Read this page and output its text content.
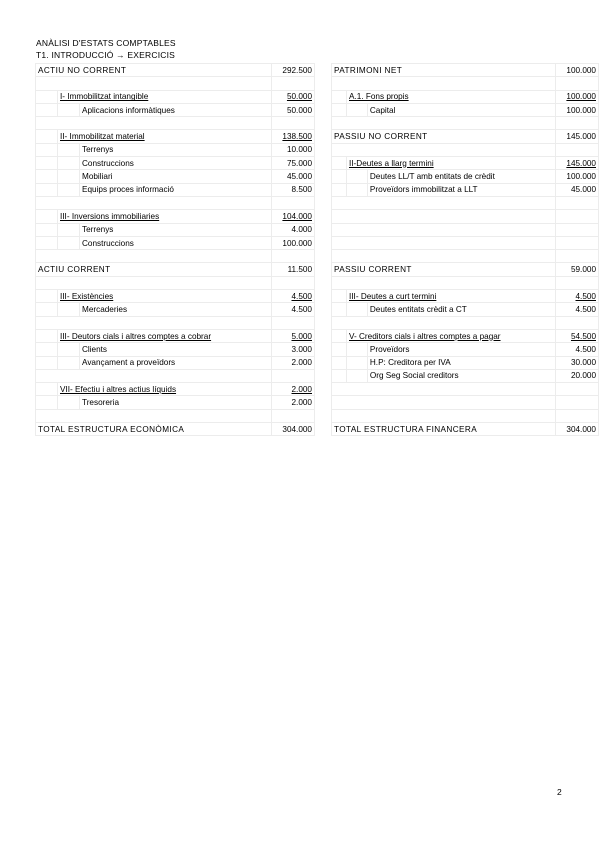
ANÀLISI D'ESTATS COMPTABLES
T1. INTRODUCCIÓ → EXERCICIS
ACTIU NO CORRENT			292.500

	I- Immobilitzat intangible		50.000
		Aplicacions informàtiques	50.000

	II- Immobilitzat material		138.500
		Terrenys	10.000
		Construccions	75.000
		Mobiliari	45.000
		Equips proces informació	8.500

	III- Inversions immobiliaries		104.000
		Terrenys	4.000
		Construccions	100.000

ACTIU CORRENT			11.500

	III- Existències		4.500
		Mercaderies	4.500

	III- Deutors cials i altres comptes a cobrar		5.000
		Clients	3.000
		Avançament a proveïdors	2.000

	VII- Efectiu i altres actius líquids		2.000
		Tresoreria	2.000

TOTAL ESTRUCTURA ECONÒMICA			304.000
PATRIMONI NET			100.000

	A.1. Fons propis		100.000
		Capital	100.000

PASSIU NO CORRENT			145.000

	II-Deutes a llarg termini		145.000
		Deutes LL/T amb entitats de crèdit	100.000
		Proveïdors immobilitzat a LLT	45.000

PASSIU CORRENT			59.000

	III- Deutes a curt termini		4.500
		Deutes entitats crèdit a CT	4.500

	V- Creditors cials i altres comptes a pagar		54.500
		Proveïdors	4.500
		H.P: Creditora per IVA	30.000
		Org Seg Social creditors	20.000

TOTAL ESTRUCTURA FINANCERA			304.000
2
